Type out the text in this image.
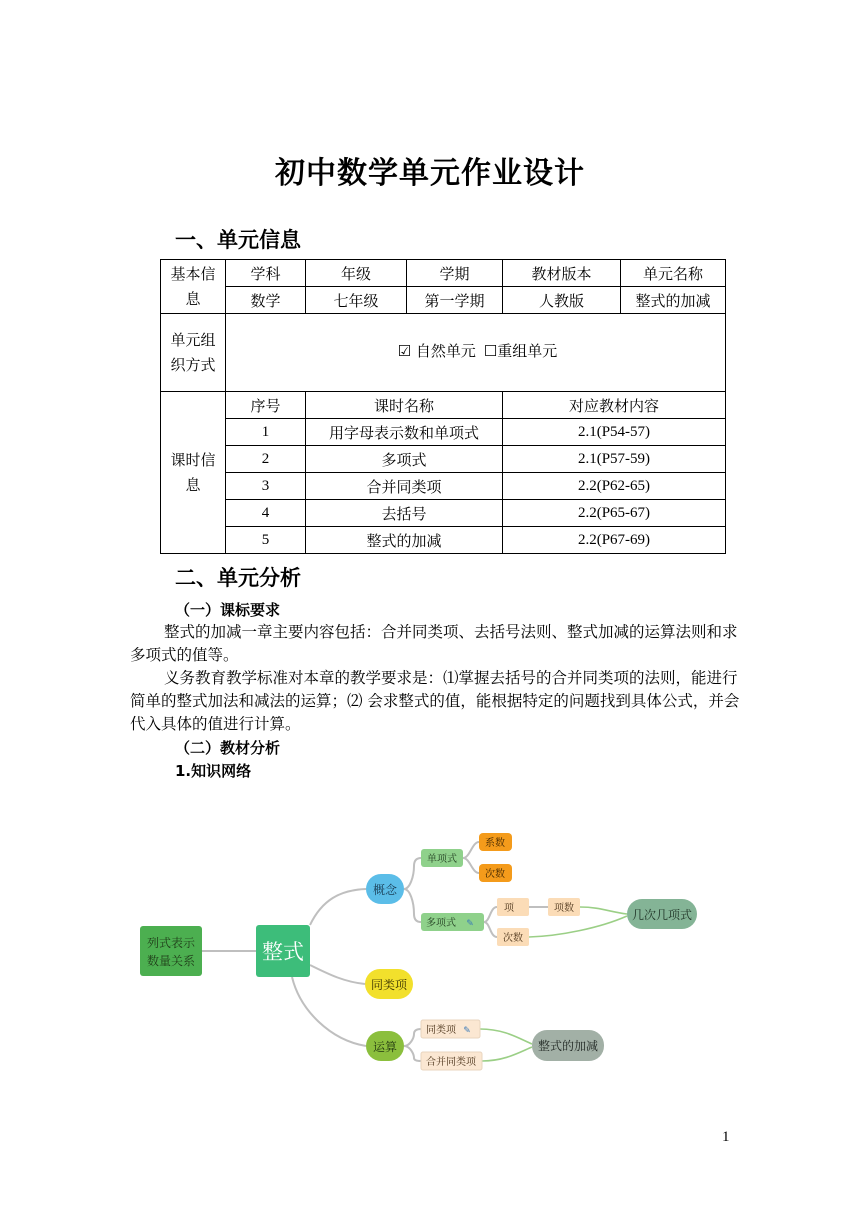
初中数学单元作业设计
一、单元信息
基本信息	学科	年级	学期	教材版本	单元名称
	数学	七年级	第一学期	人教版	整式的加减
单元组织方式	☑ 自然单元 ☐重组单元				

课时信息	序号	课时名称		对应教材内容	
	1	用字母表示数和单项式		2.1(P54-57)	
	2	多项式		2.1(P57-59)	
	3	合并同类项		2.2(P62-65)	
	4	去括号		2.2(P65-67)	
	5	整式的加减		2.2(P67-69)	
二、单元分析
（一）课标要求
整式的加减一章主要内容包括：合并同类项、去括号法则、整式加减的运算法则和求多项式的值等。
义务教育教学标准对本章的教学要求是：⑴掌握去括号的合并同类项的法则，能进行简单的整式加法和减法的运算；⑵ 会求整式的值，能根据特定的问题找到具体公式，并会代入具体的值进行计算。
（二）教材分析
1.知识网络
列式表示
数量关系	整式
概念
同类项
运算
单项式
系数
次数
多项式 ✎
项	项数
次数
几次几项式
同类项 ✎
合并同类项
整式的加减
1
